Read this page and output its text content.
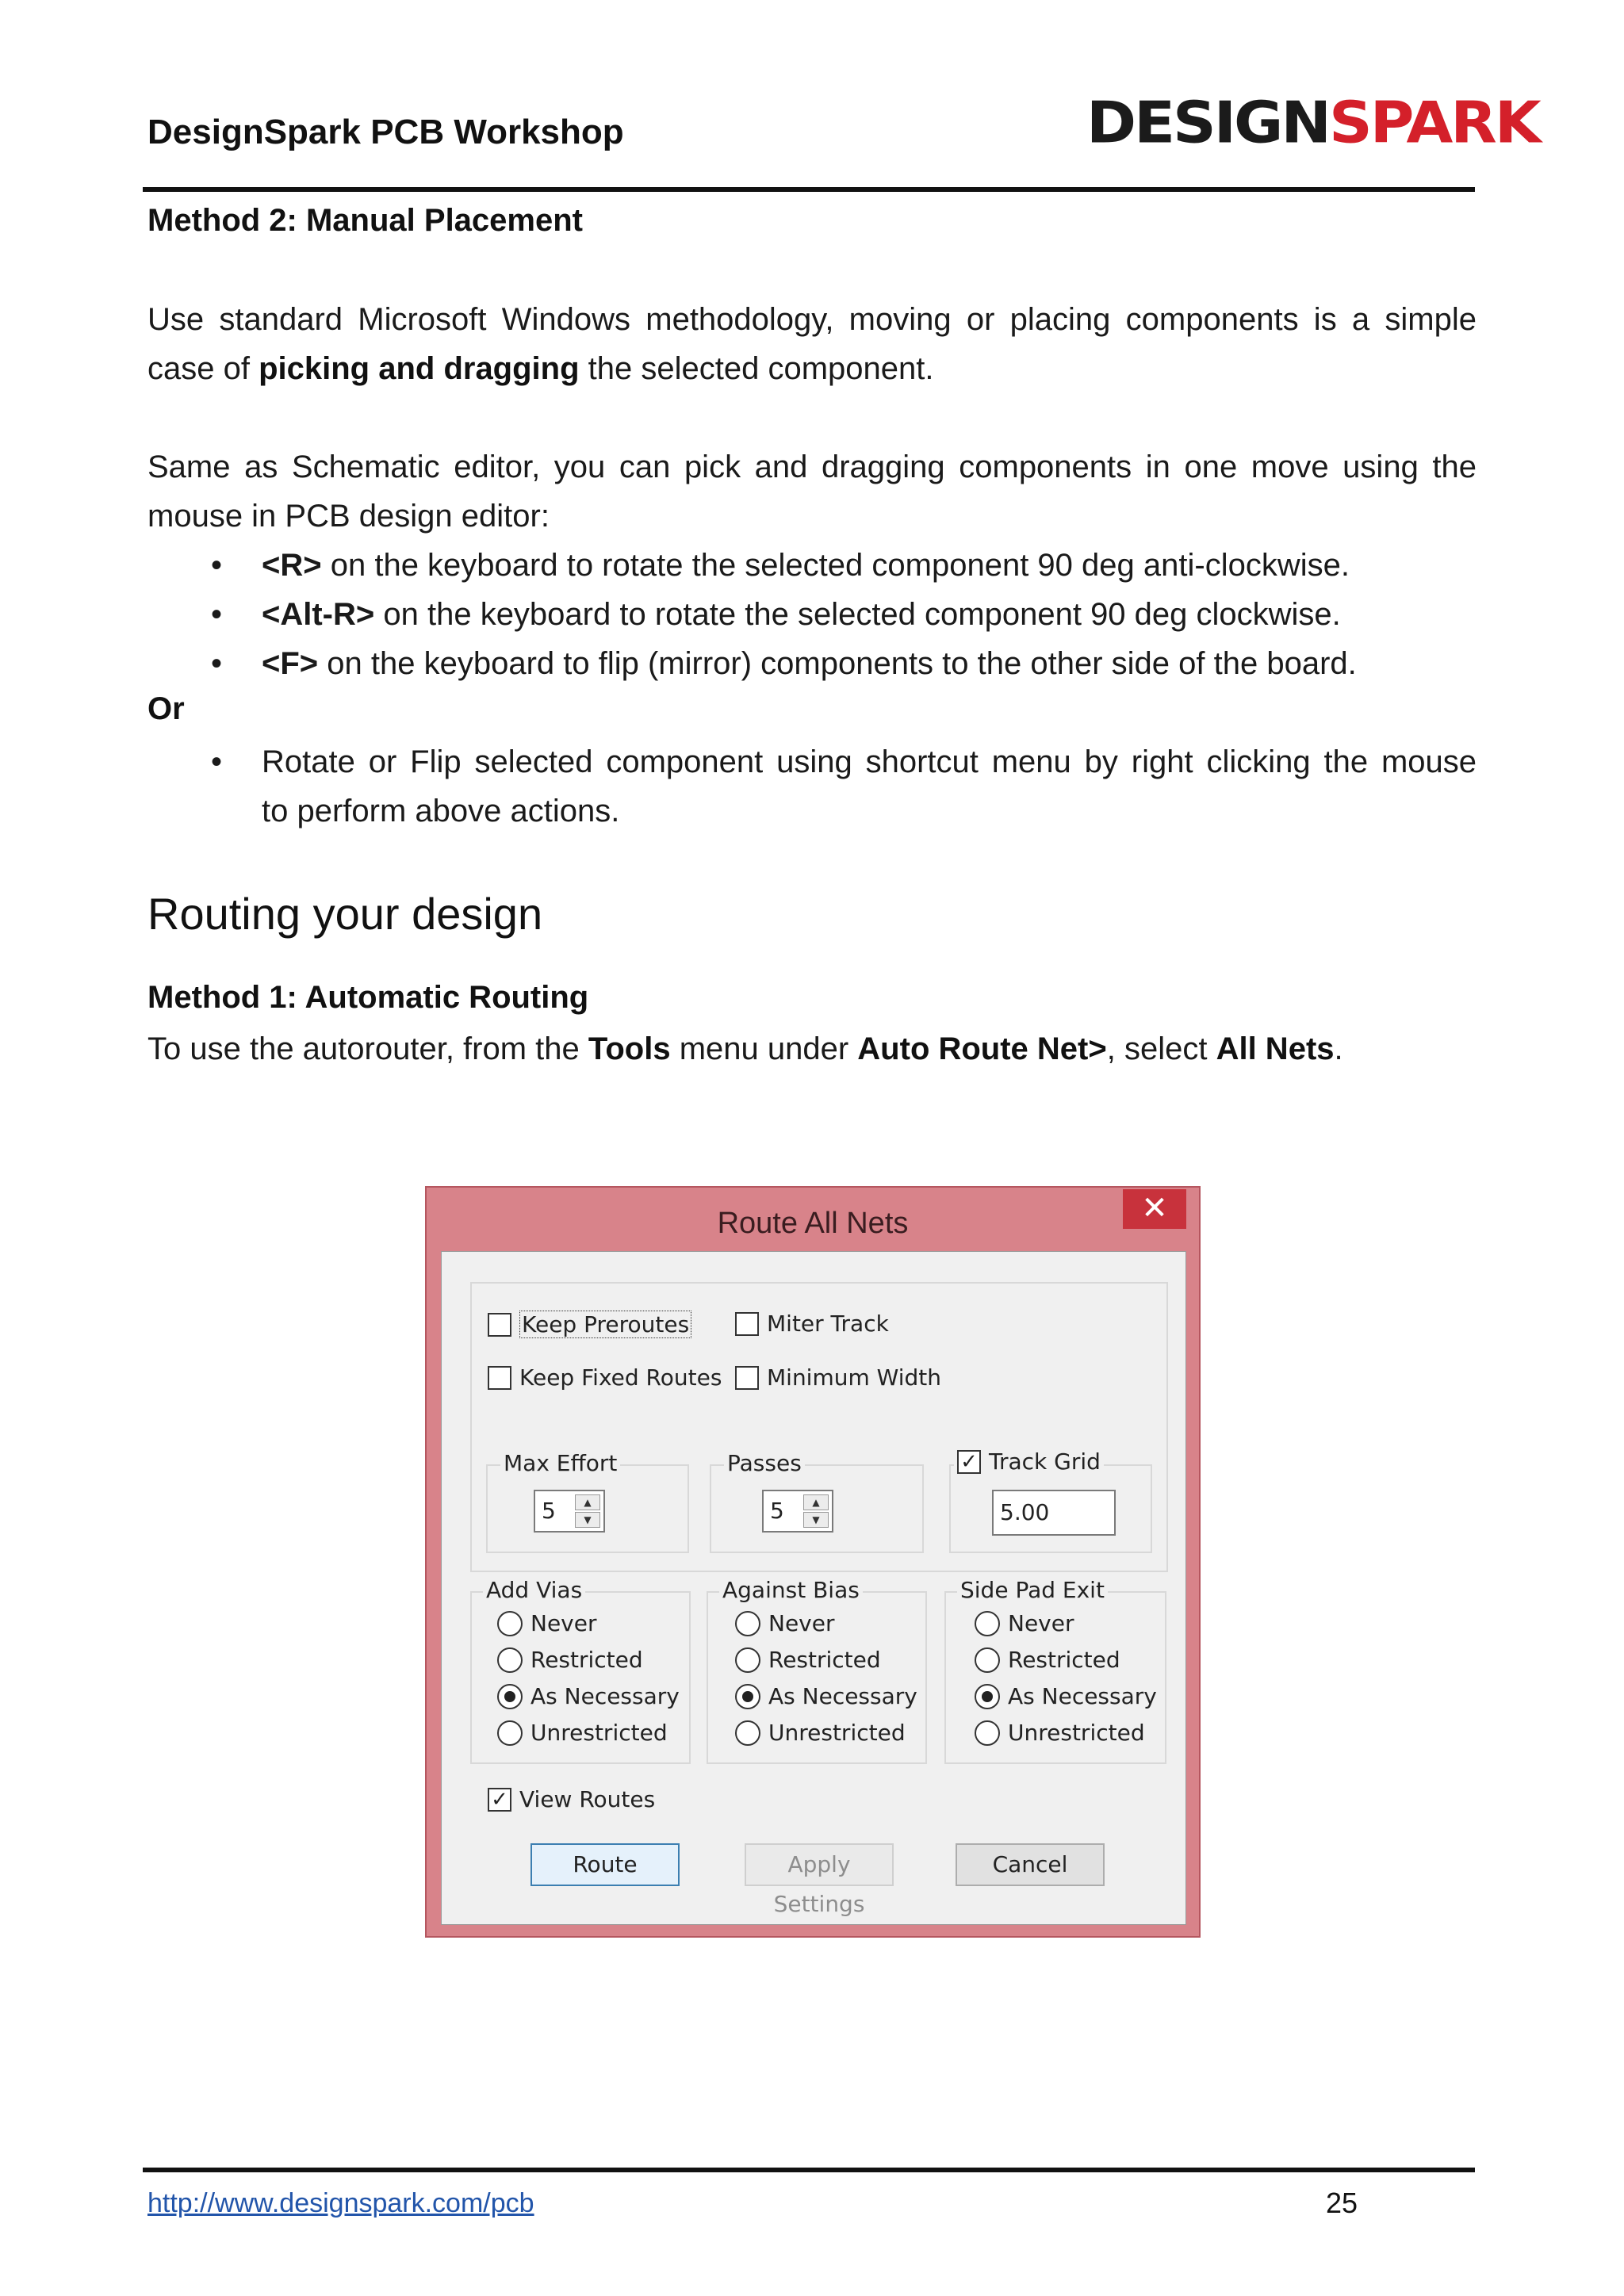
DesignSpark PCB Workshop	DESIGNSPARK
Method 2: Manual Placement
Use standard Microsoft Windows methodology, moving or placing components is a simple
case of picking and dragging the selected component.
Same as Schematic editor, you can pick and dragging components in one move using the
mouse in PCB design editor:
• <R> on the keyboard to rotate the selected component 90 deg anti-clockwise.
• <Alt-R> on the keyboard to rotate the selected component 90 deg clockwise.
• <F> on the keyboard to flip (mirror) components to the other side of the board.
Or
• Rotate or Flip selected component using shortcut menu by right clicking the mouse
to perform above actions.
Routing your design
Method 1: Automatic Routing
To use the autorouter, from the Tools menu under Auto Route Net>, select All Nets.
Route All Nets	✕
Keep Preroutes	Miter Track
Keep Fixed Routes Minimum Width
Max Effort
5	▲
▼
Passes
5	▲
▼
✓ Track Grid
5.00
Add Vias
Never
Restricted
As Necessary
Unrestricted
Against Bias
Never
Restricted
As Necessary
Unrestricted
Side Pad Exit
Never
Restricted
As Necessary
Unrestricted
✓ View Routes
Route	Apply Settings
Cancel
http://www.designspark.com/pcb	25
